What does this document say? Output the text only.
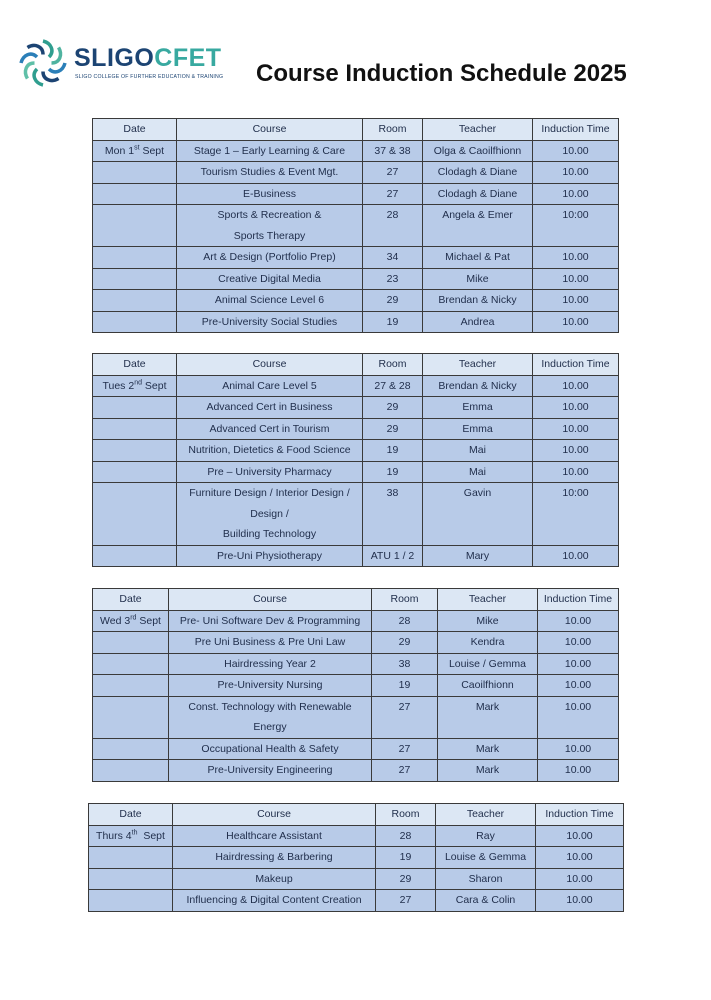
SLIGOCFET
SLIGO COLLEGE OF FURTHER EDUCATION & TRAINING Course Induction Schedule 2025
Date	Course	Room	Teacher	Induction Time
Mon 1st Sept	Stage 1 – Early Learning & Care	37 & 38	Olga & Caoilfhionn	10.00

	Tourism Studies & Event Mgt.	27	Clodagh & Diane	10.00

	E-Business	27	Clodagh & Diane	10.00

	Sports & Recreation &
Sports Therapy	28	Angela & Emer	10:00

	Art & Design (Portfolio Prep)	34	Michael & Pat	10.00

	Creative Digital Media	23	Mike	10.00

	Animal Science Level 6	29	Brendan & Nicky	10.00

	Pre-University Social Studies	19	Andrea	10.00
Date	Course	Room	Teacher	Induction Time
Tues 2nd Sept	Animal Care Level 5	27 & 28	Brendan & Nicky	10.00

	Advanced Cert in Business	29	Emma	10.00

	Advanced Cert in Tourism	29	Emma	10.00

	Nutrition, Dietetics & Food Science	19	Mai	10.00

	Pre – University Pharmacy	19	Mai	10.00

	Furniture Design / Interior Design /
Design /
Building Technology	38	Gavin	10:00

	Pre-Uni Physiotherapy	ATU 1 / 2	Mary	10.00
Date	Course	Room	Teacher	Induction Time
Wed 3rd Sept	Pre- Uni Software Dev & Programming	28	Mike	10.00

	Pre Uni Business & Pre Uni Law	29	Kendra	10.00

	Hairdressing Year 2	38	Louise / Gemma	10.00

	Pre-University Nursing	19	Caoilfhionn	10.00

	Const. Technology with Renewable
Energy	27	Mark	10.00

	Occupational Health & Safety	27	Mark	10.00

	Pre-University Engineering	27	Mark	10.00
Date	Course	Room	Teacher	Induction Time
Thurs 4th  Sept	Healthcare Assistant	28	Ray	10.00

	Hairdressing & Barbering	19	Louise & Gemma	10.00

	Makeup	29	Sharon	10.00

	Influencing & Digital Content Creation	27	Cara & Colin	10.00
